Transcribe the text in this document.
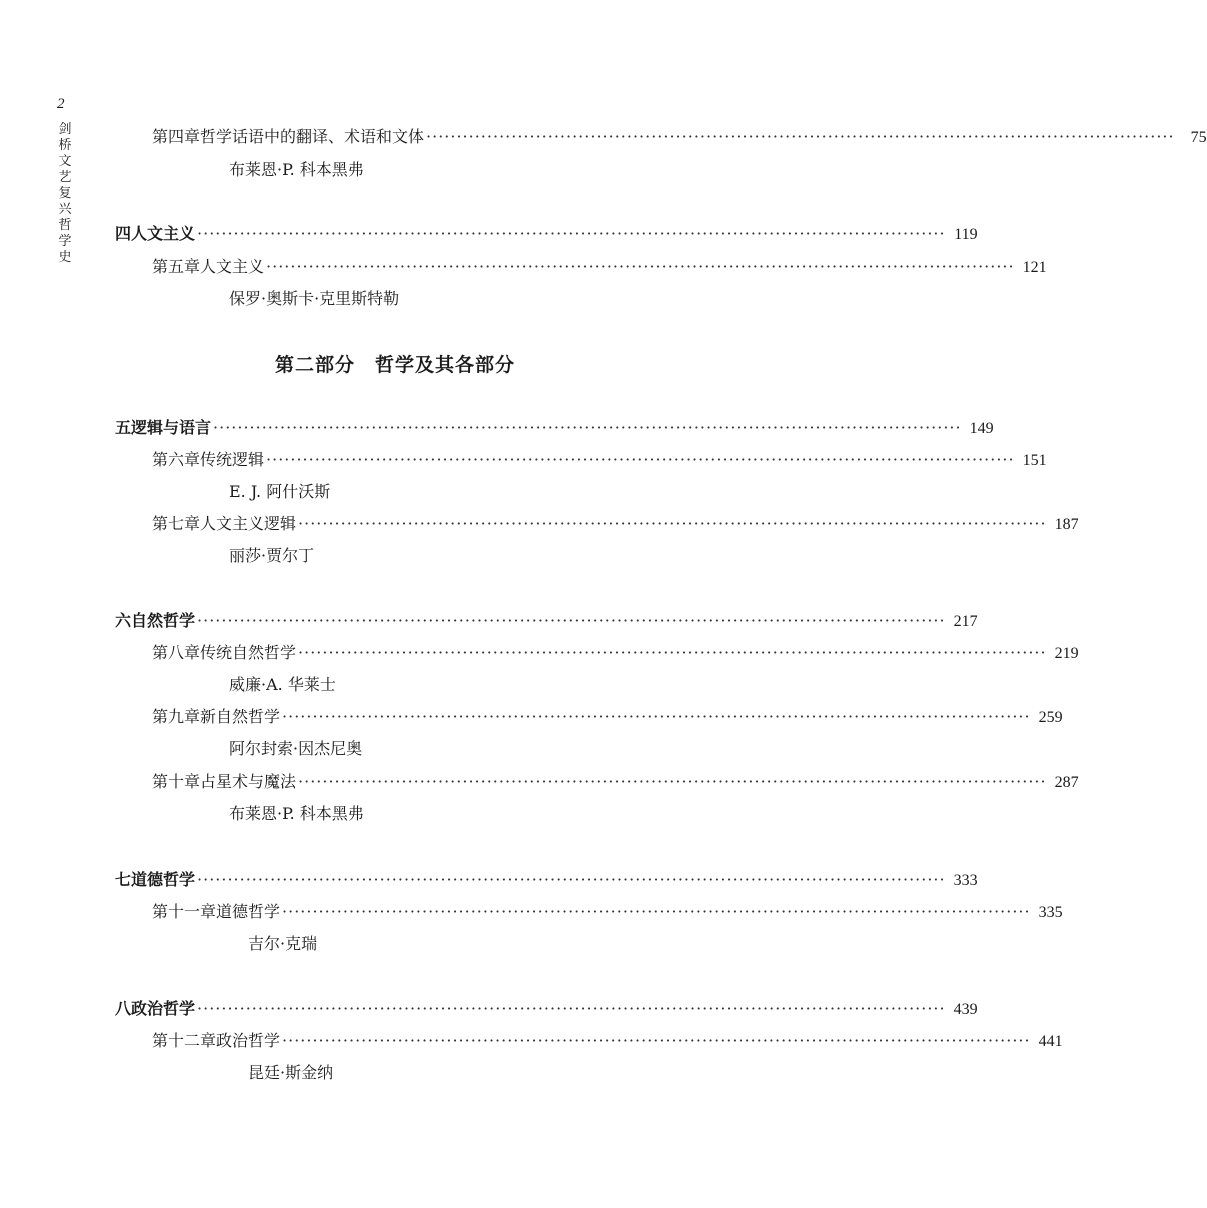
2
剑桥文艺复兴哲学史
第四章 哲学话语中的翻译、术语和文体 ···························································································································	75
布莱恩·P. 科本黑弗
四 人文主义 ··························································································································· 119
第五章 人文主义 ··························································································································· 121
保罗·奥斯卡·克里斯特勒
第二部分　哲学及其各部分
五 逻辑与语言 ··························································································································· 149
第六章 传统逻辑 ··························································································································· 151
E. J. 阿什沃斯
第七章 人文主义逻辑 ··························································································································· 187
丽莎·贾尔丁
六 自然哲学 ··························································································································· 217
第八章 传统自然哲学 ··························································································································· 219
威廉·A. 华莱士
第九章 新自然哲学 ··························································································································· 259
阿尔封索·因杰尼奥
第十章 占星术与魔法 ··························································································································· 287
布莱恩·P. 科本黑弗
七 道德哲学 ··························································································································· 333
第十一章 道德哲学 ··························································································································· 335
吉尔·克瑞
八 政治哲学 ··························································································································· 439
第十二章 政治哲学 ··························································································································· 441
昆廷·斯金纳
